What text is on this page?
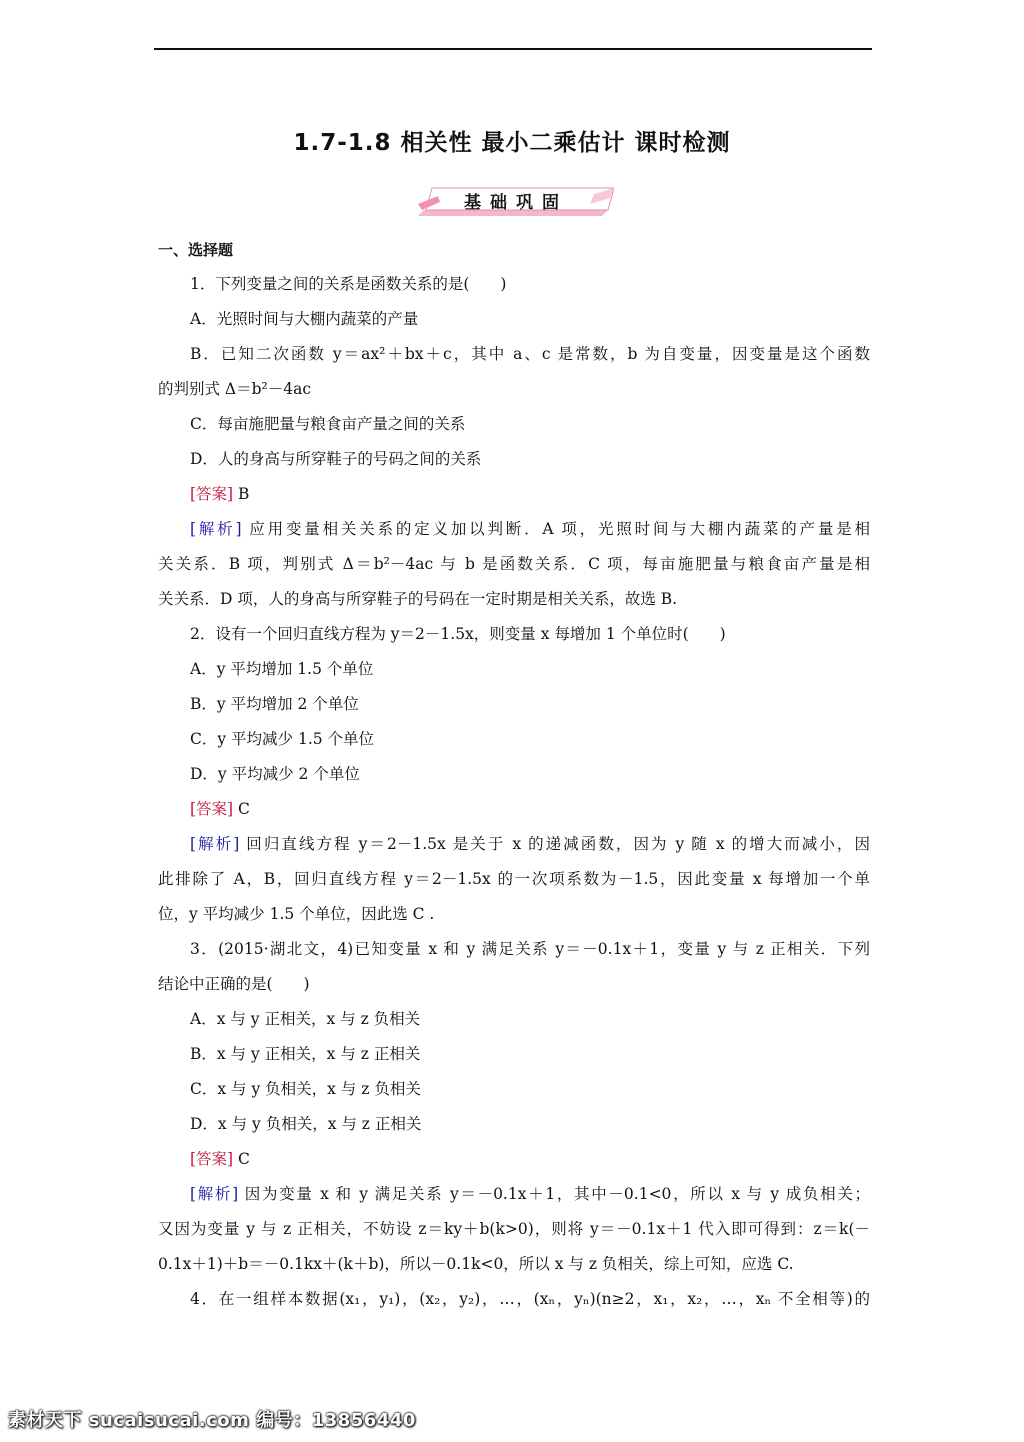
1.7-1.8 相关性 最小二乘估计 课时检测
基础巩固
一、选择题
1．下列变量之间的关系是函数关系的是(　　)
A．光照时间与大棚内蔬菜的产量
B．已知二次函数 y＝ax²＋bx＋c，其中 a、c 是常数，b 为自变量，因变量是这个函数
的判别式 Δ＝b²－4ac
C．每亩施肥量与粮食亩产量之间的关系
D．人的身高与所穿鞋子的号码之间的关系
[答案] B
[解析] 应用变量相关关系的定义加以判断．A 项，光照时间与大棚内蔬菜的产量是相
关关系．B 项，判别式 Δ＝b²－4ac 与 b 是函数关系．C 项，每亩施肥量与粮食亩产量是相
关关系．D 项，人的身高与所穿鞋子的号码在一定时期是相关关系，故选 B.
2．设有一个回归直线方程为 y＝2－1.5x，则变量 x 每增加 1 个单位时(　　)
A．y 平均增加 1.5 个单位
B．y 平均增加 2 个单位
C．y 平均减少 1.5 个单位
D．y 平均减少 2 个单位
[答案] C
[解析] 回归直线方程 y＝2－1.5x 是关于 x 的递减函数，因为 y 随 x 的增大而减小，因
此排除了 A，B，回归直线方程 y＝2－1.5x 的一次项系数为－1.5，因此变量 x 每增加一个单
位，y 平均减少 1.5 个单位，因此选 C .
3．(2015·湖北文，4)已知变量 x 和 y 满足关系 y＝－0.1x＋1，变量 y 与 z 正相关．下列
结论中正确的是(　　)
A．x 与 y 正相关，x 与 z 负相关
B．x 与 y 正相关，x 与 z 正相关
C．x 与 y 负相关，x 与 z 负相关
D．x 与 y 负相关，x 与 z 正相关
[答案] C
[解析] 因为变量 x 和 y 满足关系 y＝－0.1x＋1，其中－0.1<0，所以 x 与 y 成负相关；
又因为变量 y 与 z 正相关，不妨设 z＝ky＋b(k>0)，则将 y＝－0.1x＋1 代入即可得到：z＝k(－
0.1x＋1)＋b＝－0.1kx＋(k＋b)，所以－0.1k<0，所以 x 与 z 负相关，综上可知，应选 C.
4．在一组样本数据(x₁，y₁)，(x₂，y₂)，…，(xₙ，yₙ)(n≥2，x₁，x₂，…，xₙ 不全相等)的
素材天下 sucaisucai.com 编号：13856440
